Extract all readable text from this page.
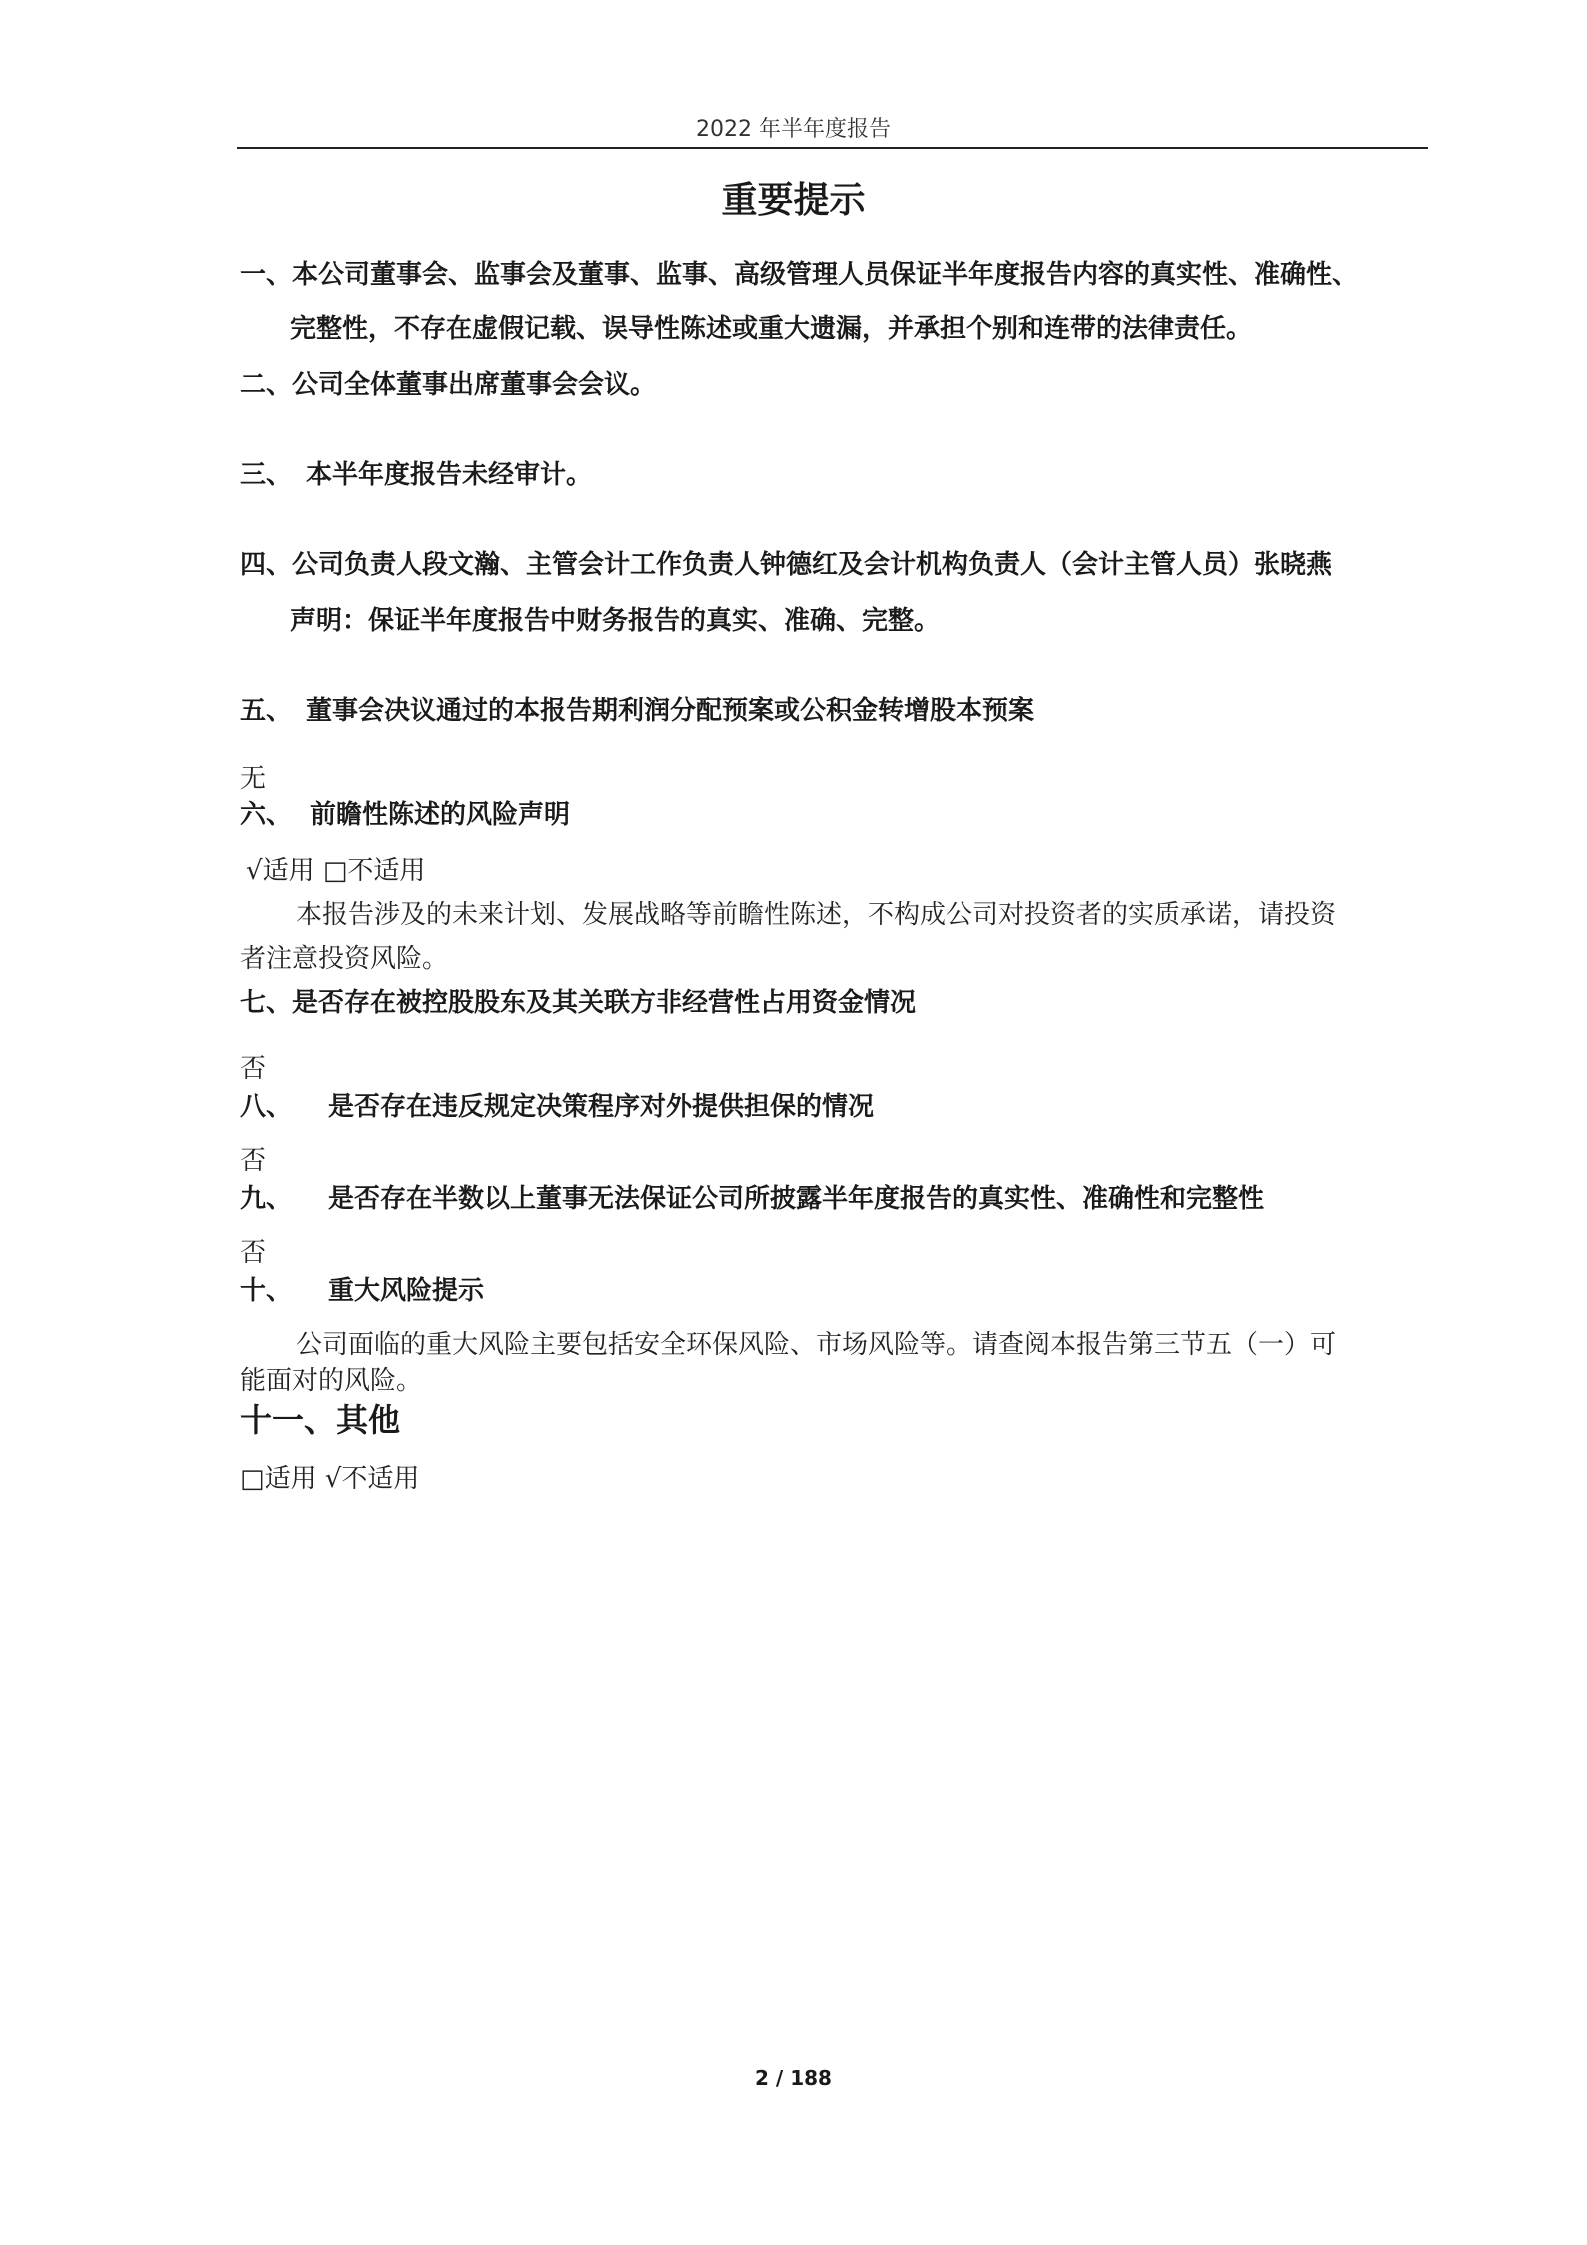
2022 年半年度报告
重要提示
一、本公司董事会、监事会及董事、监事、高级管理人员保证半年度报告内容的真实性、准确性、
完整性，不存在虚假记载、误导性陈述或重大遗漏，并承担个别和连带的法律责任。
二、公司全体董事出席董事会会议。
三、 本半年度报告未经审计。
四、公司负责人段文瀚、主管会计工作负责人钟德红及会计机构负责人（会计主管人员）张晓燕
声明：保证半年度报告中财务报告的真实、准确、完整。
五、 董事会决议通过的本报告期利润分配预案或公积金转增股本预案
无
六、 前瞻性陈述的风险声明
√适用 □不适用
本报告涉及的未来计划、发展战略等前瞻性陈述，不构成公司对投资者的实质承诺，请投资
者注意投资风险。
七、是否存在被控股股东及其关联方非经营性占用资金情况
否
八、 是否存在违反规定决策程序对外提供担保的情况
否
九、 是否存在半数以上董事无法保证公司所披露半年度报告的真实性、准确性和完整性
否
十、 重大风险提示
公司面临的重大风险主要包括安全环保风险、市场风险等。请查阅本报告第三节五（一）可
能面对的风险。
十一、其他
□适用 √不适用
2 / 188
